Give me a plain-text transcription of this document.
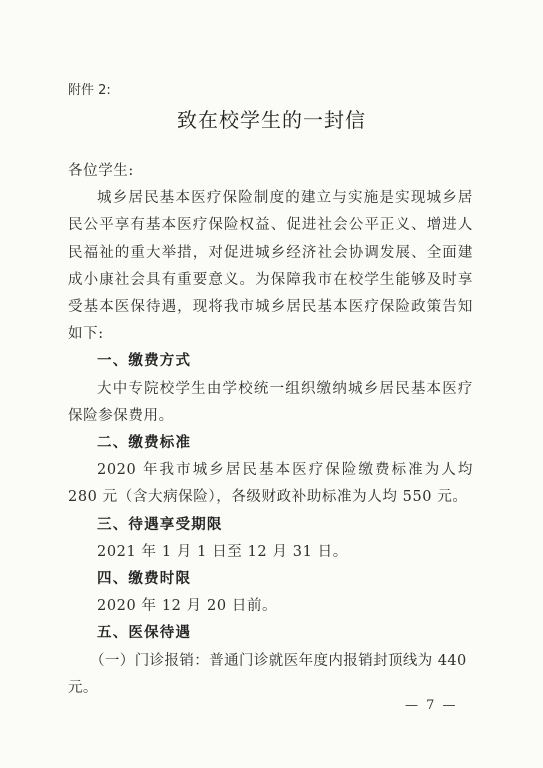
附件 2:
致在校学生的一封信

各位学生:

城乡居民基本医疗保险制度的建立与实施是实现城乡居民公平享有基本医疗保险权益、促进社会公平正义、增进人民福祉的重大举措，对促进城乡经济社会协调发展、全面建成小康社会具有重要意义。为保障我市在校学生能够及时享受基本医保待遇，现将我市城乡居民基本医疗保险政策告知如下:

一、缴费方式

大中专院校学生由学校统一组织缴纳城乡居民基本医疗保险参保费用。

二、缴费标准

2020 年我市城乡居民基本医疗保险缴费标准为人均 280 元（含大病保险），各级财政补助标准为人均 550 元。

三、待遇享受期限

2021 年 1 月 1 日至 12 月 31 日。

四、缴费时限

2020 年 12 月 20 日前。

五、医保待遇

（一）门诊报销：普通门诊就医年度内报销封顶线为 440 元。

— 7 —
